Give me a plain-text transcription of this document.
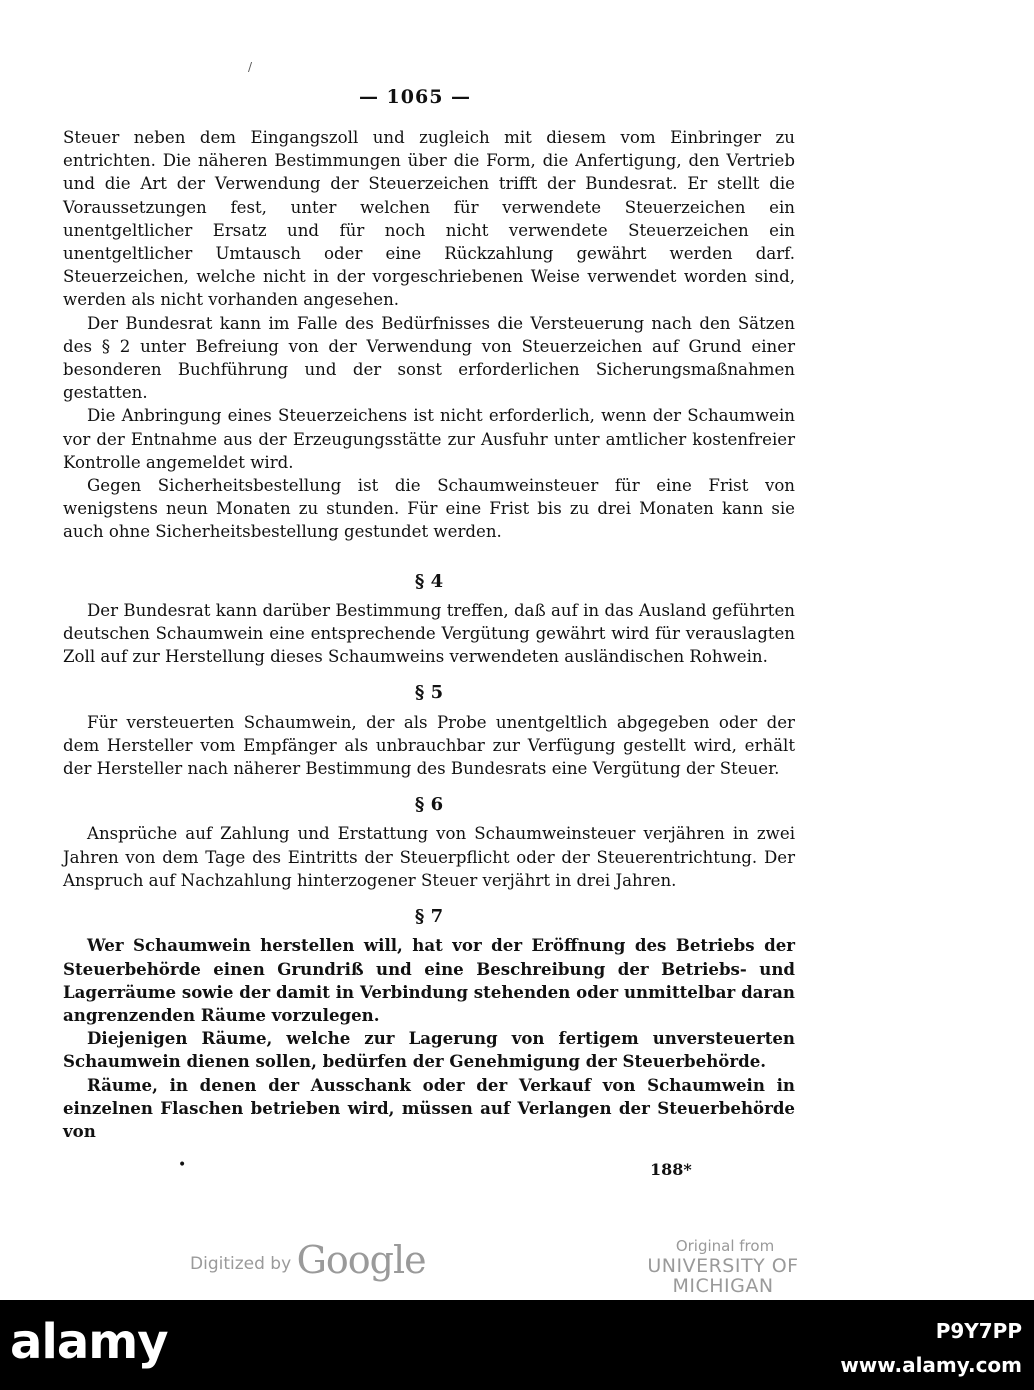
/
— 1065 —

Steuer neben dem Eingangszoll und zugleich mit diesem vom Einbringer zu entrichten. Die näheren Bestimmungen über die Form, die Anfertigung, den Vertrieb und die Art der Verwendung der Steuerzeichen trifft der Bundesrat. Er stellt die Voraussetzungen fest, unter welchen für verwendete Steuerzeichen ein unentgeltlicher Ersatz und für noch nicht verwendete Steuerzeichen ein unentgeltlicher Umtausch oder eine Rückzahlung gewährt werden darf. Steuerzeichen, welche nicht in der vorgeschriebenen Weise verwendet worden sind, werden als nicht vorhanden angesehen.

Der Bundesrat kann im Falle des Bedürfnisses die Versteuerung nach den Sätzen des § 2 unter Befreiung von der Verwendung von Steuerzeichen auf Grund einer besonderen Buchführung und der sonst erforderlichen Sicherungsmaßnahmen gestatten.

Die Anbringung eines Steuerzeichens ist nicht erforderlich, wenn der Schaumwein vor der Entnahme aus der Erzeugungsstätte zur Ausfuhr unter amtlicher kostenfreier Kontrolle angemeldet wird.

Gegen Sicherheitsbestellung ist die Schaumweinsteuer für eine Frist von wenigstens neun Monaten zu stunden. Für eine Frist bis zu drei Monaten kann sie auch ohne Sicherheitsbestellung gestundet werden.

§ 4

Der Bundesrat kann darüber Bestimmung treffen, daß auf in das Ausland geführten deutschen Schaumwein eine entsprechende Vergütung gewährt wird für verauslagten Zoll auf zur Herstellung dieses Schaumweins verwendeten ausländischen Rohwein.

§ 5

Für versteuerten Schaumwein, der als Probe unentgeltlich abgegeben oder der dem Hersteller vom Empfänger als unbrauchbar zur Verfügung gestellt wird, erhält der Hersteller nach näherer Bestimmung des Bundesrats eine Vergütung der Steuer.

§ 6

Ansprüche auf Zahlung und Erstattung von Schaumweinsteuer verjähren in zwei Jahren von dem Tage des Eintritts der Steuerpflicht oder der Steuerentrichtung. Der Anspruch auf Nachzahlung hinterzogener Steuer verjährt in drei Jahren.

§ 7

Wer Schaumwein herstellen will, hat vor der Eröffnung des Betriebs der Steuerbehörde einen Grundriß und eine Beschreibung der Betriebs- und Lagerräume sowie der damit in Verbindung stehenden oder unmittelbar daran angrenzenden Räume vorzulegen.

Diejenigen Räume, welche zur Lagerung von fertigem unversteuerten Schaumwein dienen sollen, bedürfen der Genehmigung der Steuerbehörde.

Räume, in denen der Ausschank oder der Verkauf von Schaumwein in einzelnen Flaschen betrieben wird, müssen auf Verlangen der Steuerbehörde von

•	188*
Digitized by Google	Original from
UNIVERSITY OF MICHIGAN
alamy	P9Y7PP
www.alamy.com
